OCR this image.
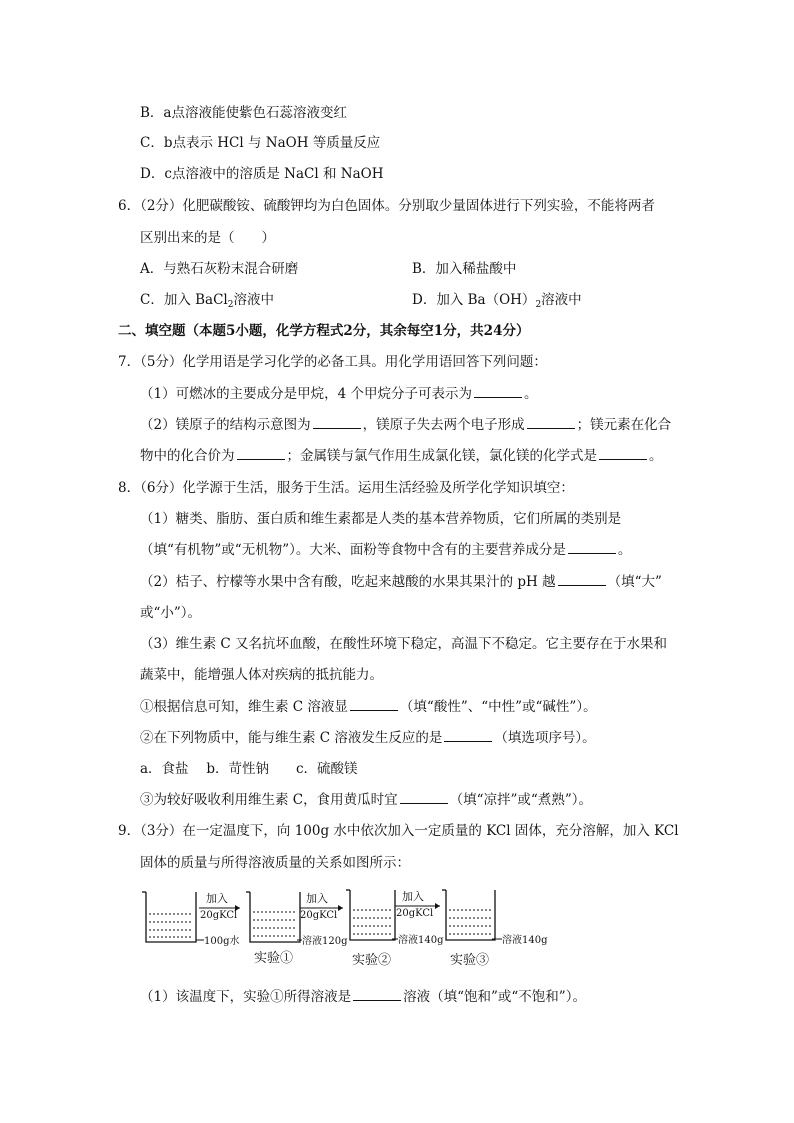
B．a点溶液能使紫色石蕊溶液变红
C．b点表示 HCl 与 NaOH 等质量反应
D．c点溶液中的溶质是 NaCl 和 NaOH
6．（2分）化肥碳酸铵、硫酸钾均为白色固体。分别取少量固体进行下列实验，不能将两者
区别出来的是（　　）
A．与熟石灰粉末混合研磨	B．加入稀盐酸中
C．加入 BaCl$_2$溶液中	D．加入 $Ba(OH)_2$溶液中
二、填空题（本题5小题，化学方程式2分，其余每空1分，共24分）
7．（5分）化学用语是学习化学的必备工具。用化学用语回答下列问题：
（1）可燃冰的主要成分是甲烷，4 个甲烷分子可表示为	。
（2）镁原子的结构示意图为	，镁原子失去两个电子形成	；镁元素在化合
物中的化合价为	；金属镁与氯气作用生成氯化镁，氯化镁的化学式是	。
8．（6分）化学源于生活，服务于生活。运用生活经验及所学化学知识填空：
（1）糖类、脂肪、蛋白质和维生素都是人类的基本营养物质，它们所属的类别是
（填“有机物”或“无机物”）。大米、面粉等食物中含有的主要营养成分是	。
（2）桔子、柠檬等水果中含有酸，吃起来越酸的水果其果汁的 pH 越	（填“大”
或“小”）。
（3）维生素 C 又名抗坏血酸，在酸性环境下稳定，高温下不稳定。它主要存在于水果和
蔬菜中，能增强人体对疾病的抵抗能力。
①根据信息可知，维生素 C 溶液显	（填“酸性”、“中性”或“碱性”）。
②在下列物质中，能与维生素 C 溶液发生反应的是	（填选项序号）。
a．食盐　 b．苛性钠　　c．硫酸镁
③为较好吸收利用维生素 C，食用黄瓜时宜	（填“凉拌”或“煮熟”）。
9．（3分）在一定温度下，向 100g 水中依次加入一定质量的 KCl 固体，充分溶解，加入 KCl
固体的质量与所得溶液质量的关系如图所示：
100g水
加入
20gKCl
溶液120g
实验①
加入
20gKCl
溶液140g
实验②
加入
20gKCl
溶液140g
实验③
（1）该温度下，实验①所得溶液是	溶液（填“饱和”或“不饱和”）。
